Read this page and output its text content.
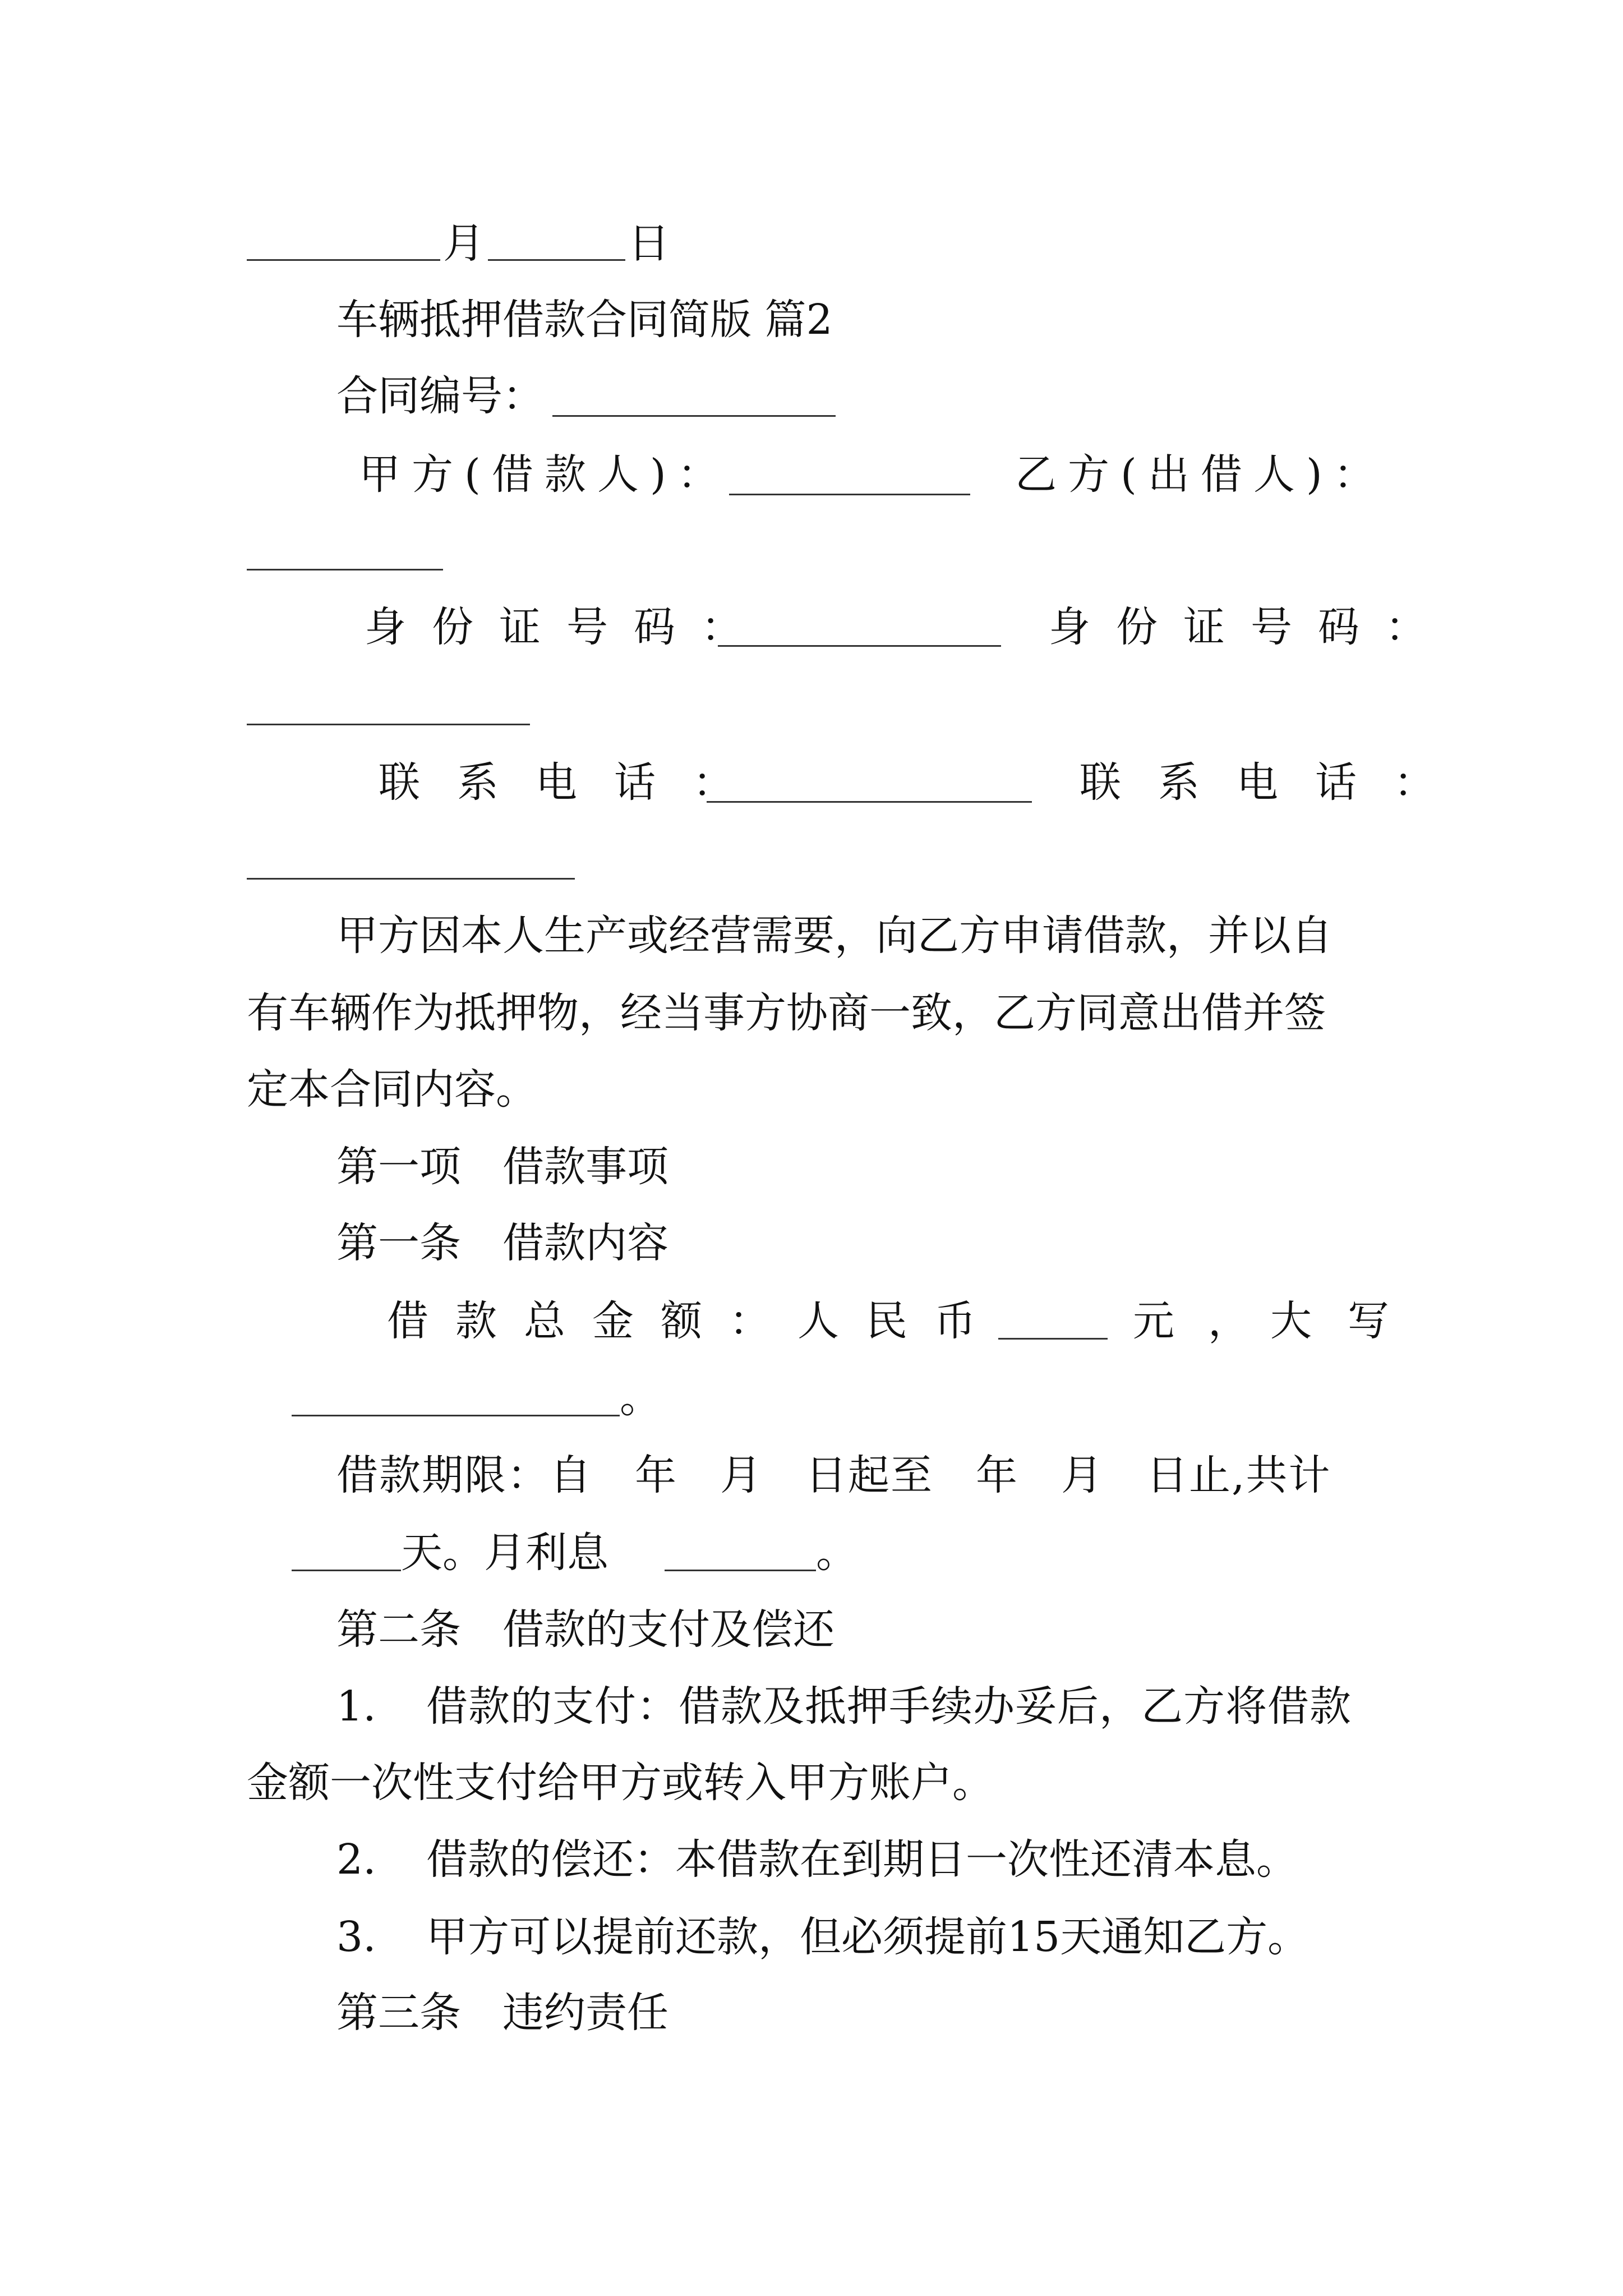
月	日
车辆抵押借款合同简版 篇2
合同编号：
甲方(借款人)：	乙方(出借人)：
身份证号码：	身份证号码：
联系电话：	联系电话：
甲方因本人生产或经营需要，向乙方申请借款，并以自
有车辆作为抵押物，经当事方协商一致，乙方同意出借并签
定本合同内容。
第一项　借款事项
第一条　借款内容
借款总金额：人民币	元，
大写
。
借款期限：自　年　月　日起至　年　月　日止,共计
天。月利息	。
第二条　借款的支付及偿还
1. 借款的支付：借款及抵押手续办妥后，乙方将借款
金额一次性支付给甲方或转入甲方账户。
2. 借款的偿还：本借款在到期日一次性还清本息。
3. 甲方可以提前还款，但必须提前15天通知乙方。
第三条　违约责任
